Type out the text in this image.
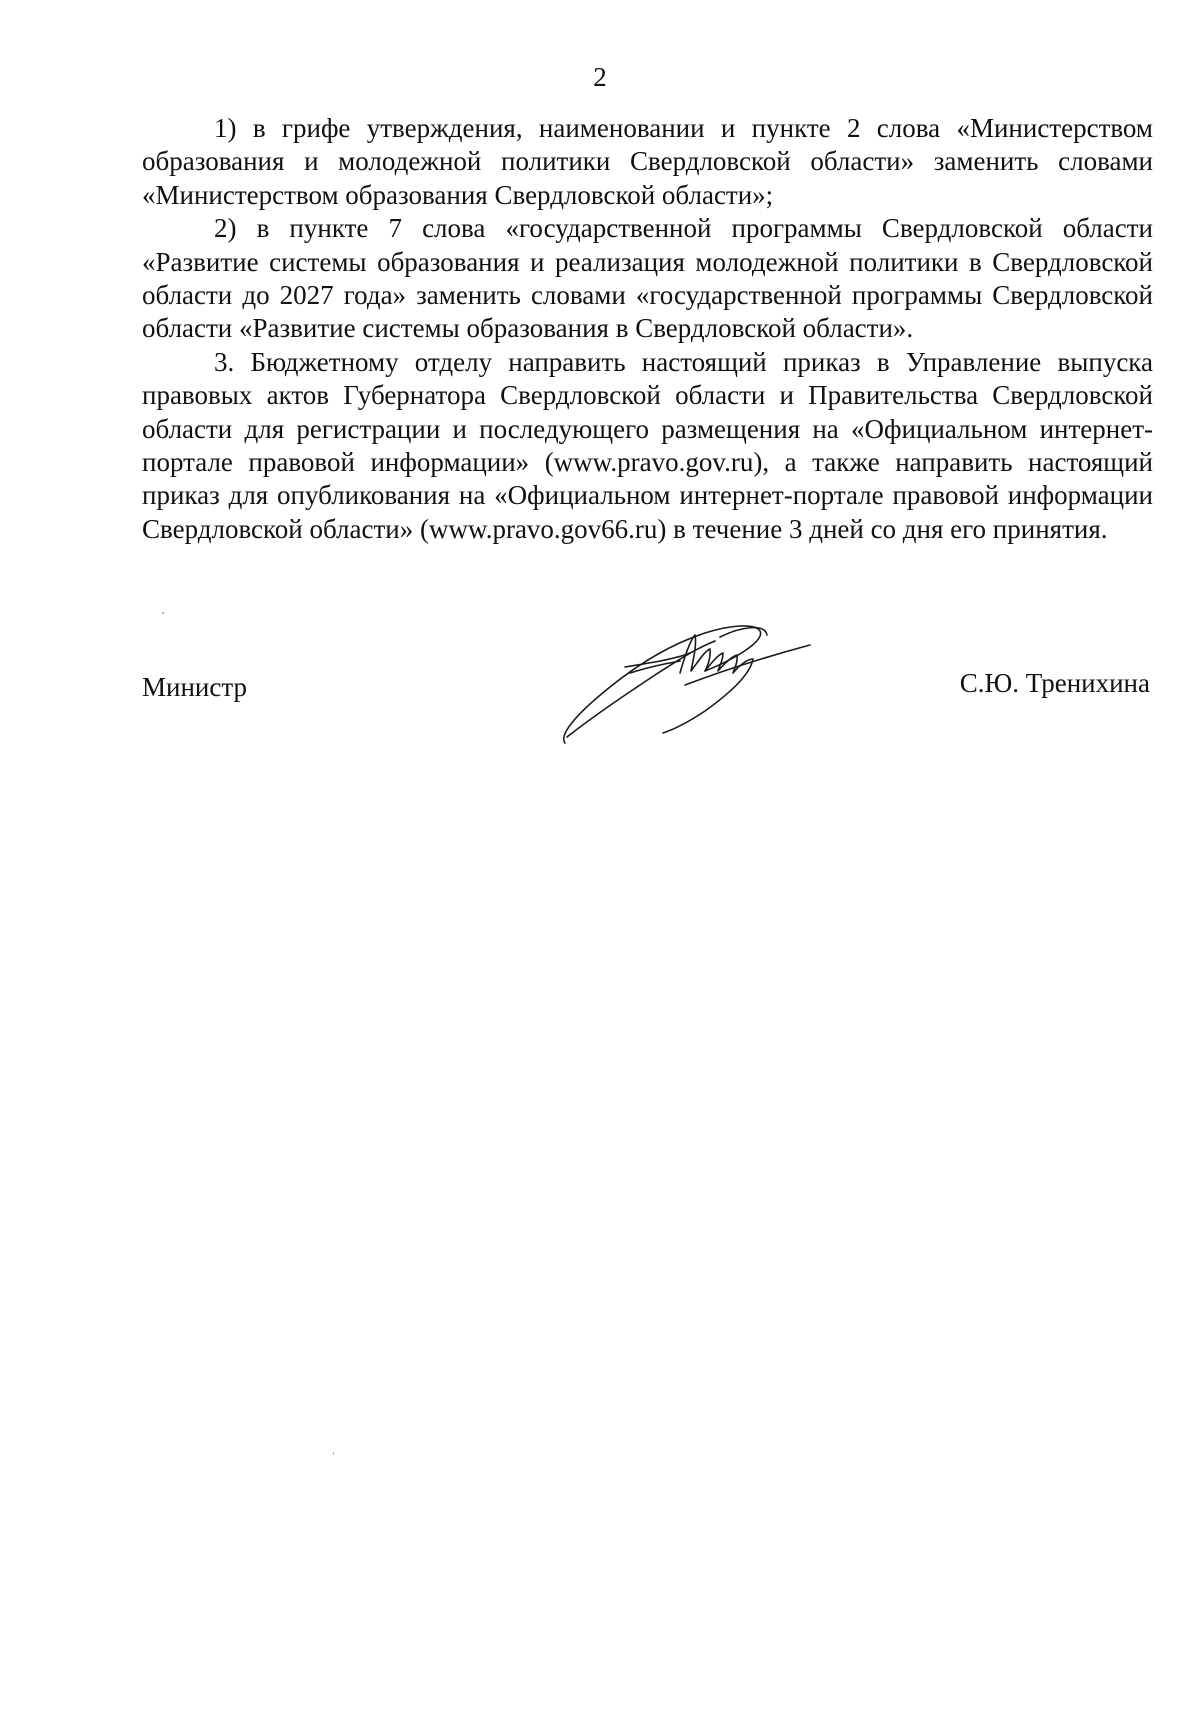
2

1) в грифе утверждения, наименовании и пункте 2 слова «Министерством образования и молодежной политики Свердловской области» заменить словами «Министерством образования Свердловской области»;

2) в пункте 7 слова «государственной программы Свердловской области «Развитие системы образования и реализация молодежной политики в Свердловской области до 2027 года» заменить словами «государственной программы Свердловской области «Развитие системы образования в Свердловской области».

3. Бюджетному отделу направить настоящий приказ в Управление выпуска правовых актов Губернатора Свердловской области и Правительства Свердловской области для регистрации и последующего размещения на «Официальном интернет-портале правовой информации» (www.pravo.gov.ru), а также направить настоящий приказ для опубликования на «Официальном интернет-портале правовой информации Свердловской области» (www.pravo.gov66.ru) в течение 3 дней со дня его принятия.

Министр	С.Ю. Тренихина
